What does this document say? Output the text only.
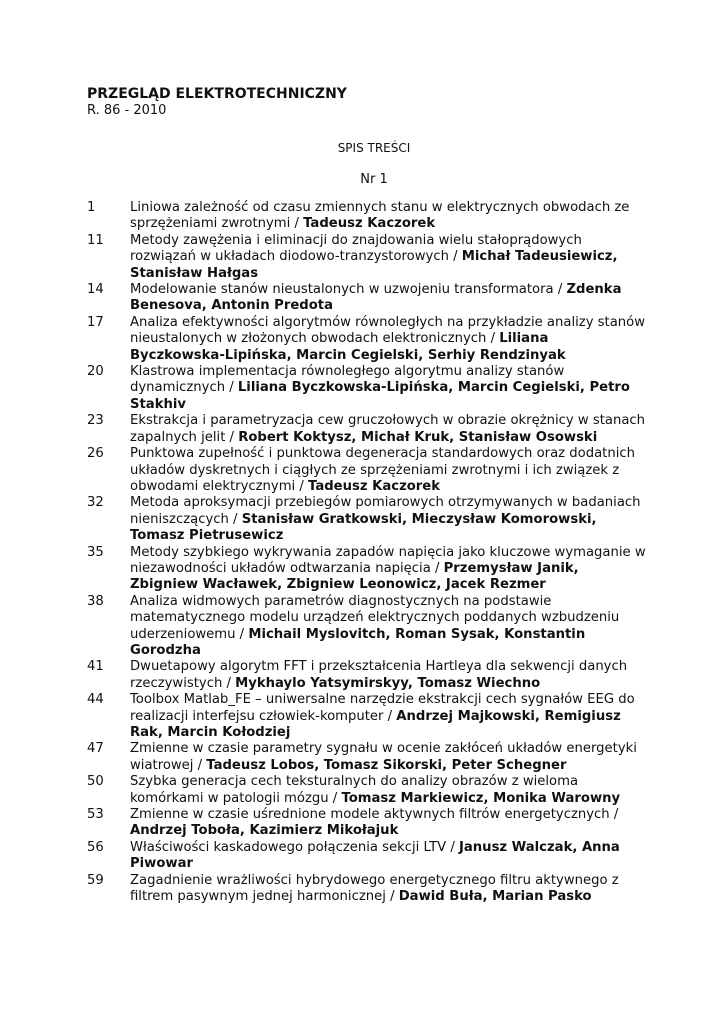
PRZEGLĄD ELEKTROTECHNICZNY
R. 86 - 2010
SPIS TREŚCI
Nr 1
1	Liniowa zależność od czasu zmiennych stanu w elektrycznych obwodach ze sprzężeniami zwrotnymi / Tadeusz Kaczorek
11	Metody zawężenia i eliminacji do znajdowania wielu stałoprądowych rozwiązań w układach diodowo-tranzystorowych / Michał Tadeusiewicz, Stanisław Hałgas
14	Modelowanie stanów nieustalonych w uzwojeniu transformatora / Zdenka Benesova, Antonin Predota
17	Analiza efektywności algorytmów równoległych na przykładzie analizy stanów nieustalonych w złożonych obwodach elektronicznych / Liliana Byczkowska-Lipińska, Marcin Cegielski, Serhiy Rendzinyak
20	Klastrowa implementacja równoległego algorytmu analizy stanów dynamicznych / Liliana Byczkowska-Lipińska, Marcin Cegielski, Petro Stakhiv
23	Ekstrakcja i parametryzacja cew gruczołowych w obrazie okrężnicy w stanach zapalnych jelit / Robert Koktysz, Michał Kruk, Stanisław Osowski
26	Punktowa zupełność i punktowa degeneracja standardowych oraz dodatnich układów dyskretnych i ciągłych ze sprzężeniami zwrotnymi i ich związek z obwodami elektrycznymi / Tadeusz Kaczorek
32	Metoda aproksymacji przebiegów pomiarowych otrzymywanych w badaniach nieniszczących / Stanisław Gratkowski, Mieczysław Komorowski, Tomasz Pietrusewicz
35	Metody szybkiego wykrywania zapadów napięcia jako kluczowe wymaganie w niezawodności układów odtwarzania napięcia / Przemysław Janik, Zbigniew Wacławek, Zbigniew Leonowicz, Jacek Rezmer
38	Analiza widmowych parametrów diagnostycznych na podstawie matematycznego modelu urządzeń elektrycznych poddanych wzbudzeniu uderzeniowemu / Michail Myslovitch, Roman Sysak, Konstantin Gorodzha
41	Dwuetapowy algorytm FFT i przekształcenia Hartleya dla sekwencji danych rzeczywistych / Mykhaylo Yatsymirskyy, Tomasz Wiechno
44	Toolbox Matlab_FE – uniwersalne narzędzie ekstrakcji cech sygnałów EEG do realizacji interfejsu człowiek-komputer / Andrzej Majkowski, Remigiusz Rak, Marcin Kołodziej
47	Zmienne w czasie parametry sygnału w ocenie zakłóceń układów energetyki wiatrowej / Tadeusz Lobos, Tomasz Sikorski, Peter Schegner
50	Szybka generacja cech teksturalnych do analizy obrazów z wieloma komórkami w patologii mózgu / Tomasz Markiewicz, Monika Warowny
53	Zmienne w czasie uśrednione modele aktywnych filtrów energetycznych / Andrzej Toboła, Kazimierz Mikołajuk
56	Właściwości kaskadowego połączenia sekcji LTV / Janusz Walczak, Anna Piwowar
59	Zagadnienie wrażliwości hybrydowego energetycznego filtru aktywnego z filtrem pasywnym jednej harmonicznej / Dawid Buła, Marian Pasko
